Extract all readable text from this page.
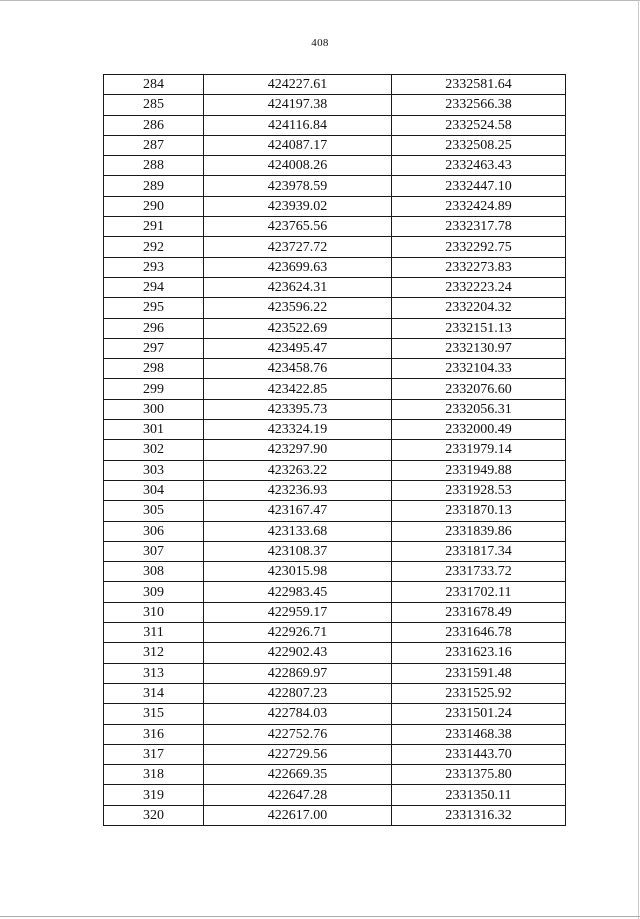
408
284	424227.61	2332581.64
285	424197.38	2332566.38
286	424116.84	2332524.58
287	424087.17	2332508.25
288	424008.26	2332463.43
289	423978.59	2332447.10
290	423939.02	2332424.89
291	423765.56	2332317.78
292	423727.72	2332292.75
293	423699.63	2332273.83
294	423624.31	2332223.24
295	423596.22	2332204.32
296	423522.69	2332151.13
297	423495.47	2332130.97
298	423458.76	2332104.33
299	423422.85	2332076.60
300	423395.73	2332056.31
301	423324.19	2332000.49
302	423297.90	2331979.14
303	423263.22	2331949.88
304	423236.93	2331928.53
305	423167.47	2331870.13
306	423133.68	2331839.86
307	423108.37	2331817.34
308	423015.98	2331733.72
309	422983.45	2331702.11
310	422959.17	2331678.49
311	422926.71	2331646.78
312	422902.43	2331623.16
313	422869.97	2331591.48
314	422807.23	2331525.92
315	422784.03	2331501.24
316	422752.76	2331468.38
317	422729.56	2331443.70
318	422669.35	2331375.80
319	422647.28	2331350.11
320	422617.00	2331316.32
